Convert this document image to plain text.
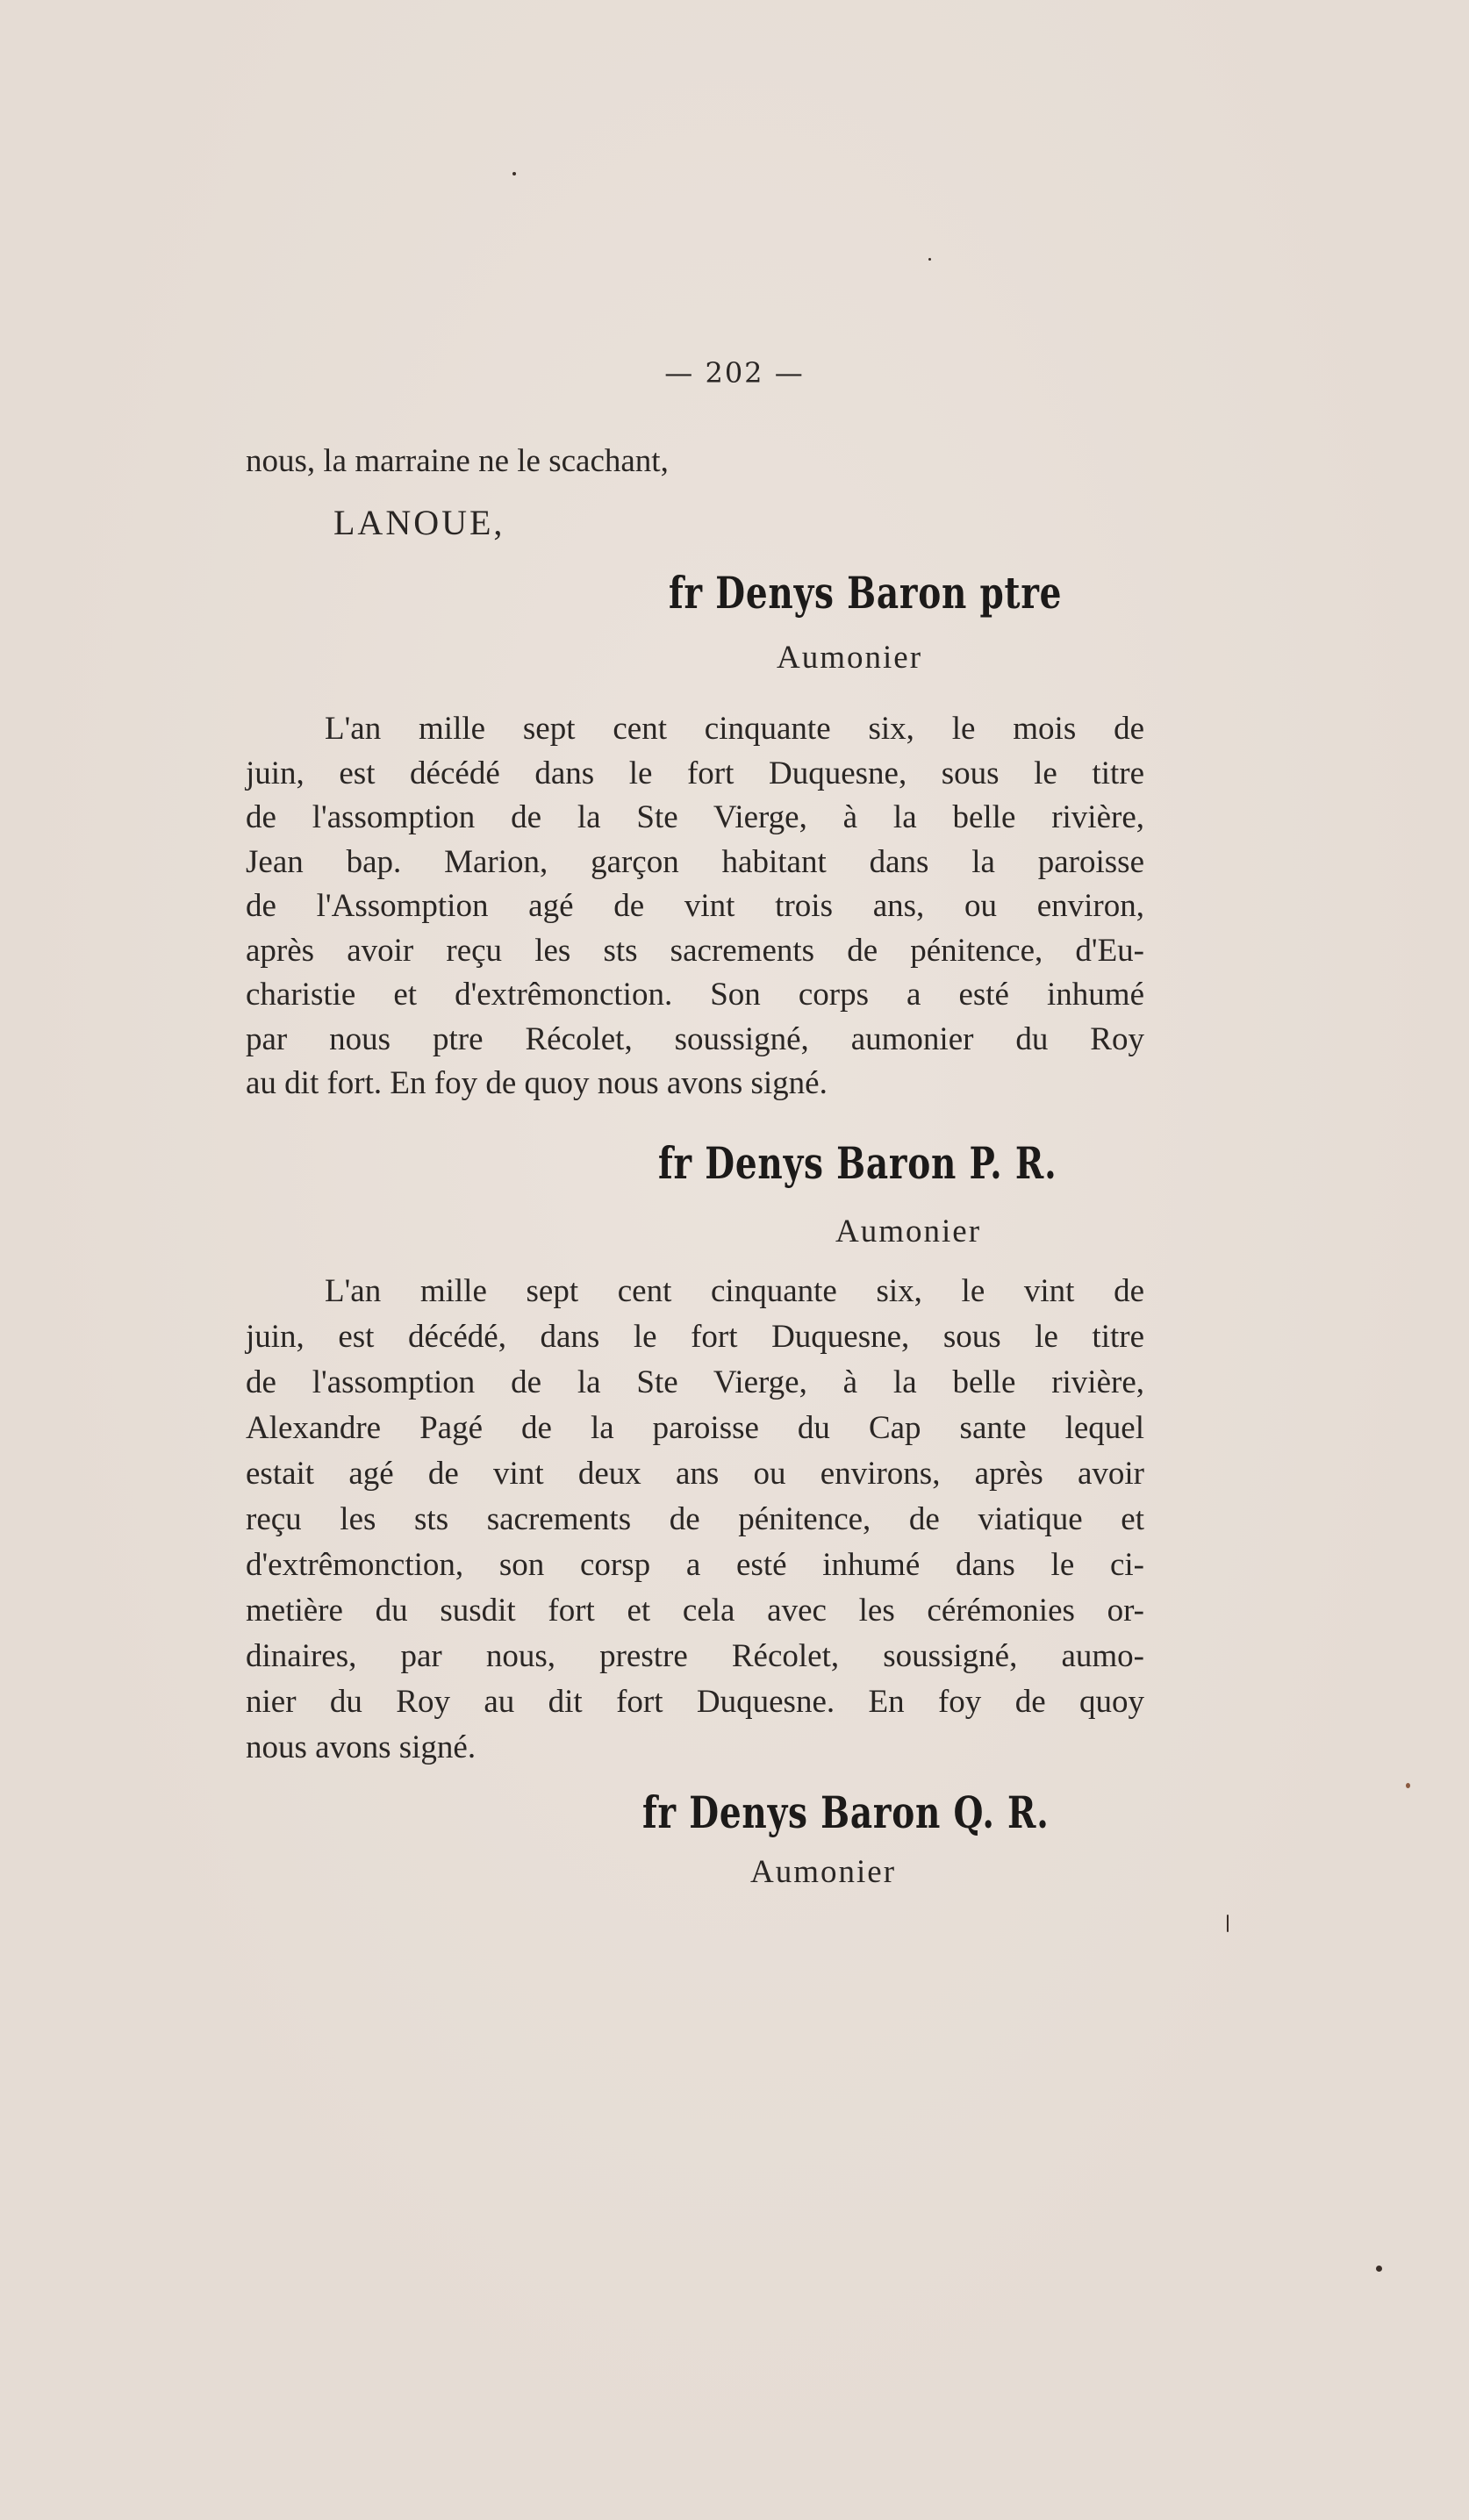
— 202 —
nous, la marraine ne le scachant,
LANOUE,
fr Denys Baron ptre
Aumonier
L'an mille sept cent cinquante six, le mois de
juin, est décédé dans le fort Duquesne, sous le titre
de l'assomption de la Ste Vierge, à la belle rivière,
Jean bap. Marion, garçon habitant dans la paroisse
de l'Assomption agé de vint trois ans, ou environ,
après avoir reçu les sts sacrements de pénitence, d'Eu-
charistie et d'extrêmonction. Son corps a esté inhumé
par nous ptre Récolet, soussigné, aumonier du Roy
au dit fort. En foy de quoy nous avons signé.
fr Denys Baron P. R.
Aumonier
L'an mille sept cent cinquante six, le vint de
juin, est décédé, dans le fort Duquesne, sous le titre
de l'assomption de la Ste Vierge, à la belle rivière,
Alexandre Pagé de la paroisse du Cap sante lequel
estait agé de vint deux ans ou environs, après avoir
reçu les sts sacrements de pénitence, de viatique et
d'extrêmonction, son corsp a esté inhumé dans le ci-
metière du susdit fort et cela avec les cérémonies or-
dinaires, par nous, prestre Récolet, soussigné, aumo-
nier du Roy au dit fort Duquesne. En foy de quoy
nous avons signé.
fr Denys Baron Q. R.
Aumonier
